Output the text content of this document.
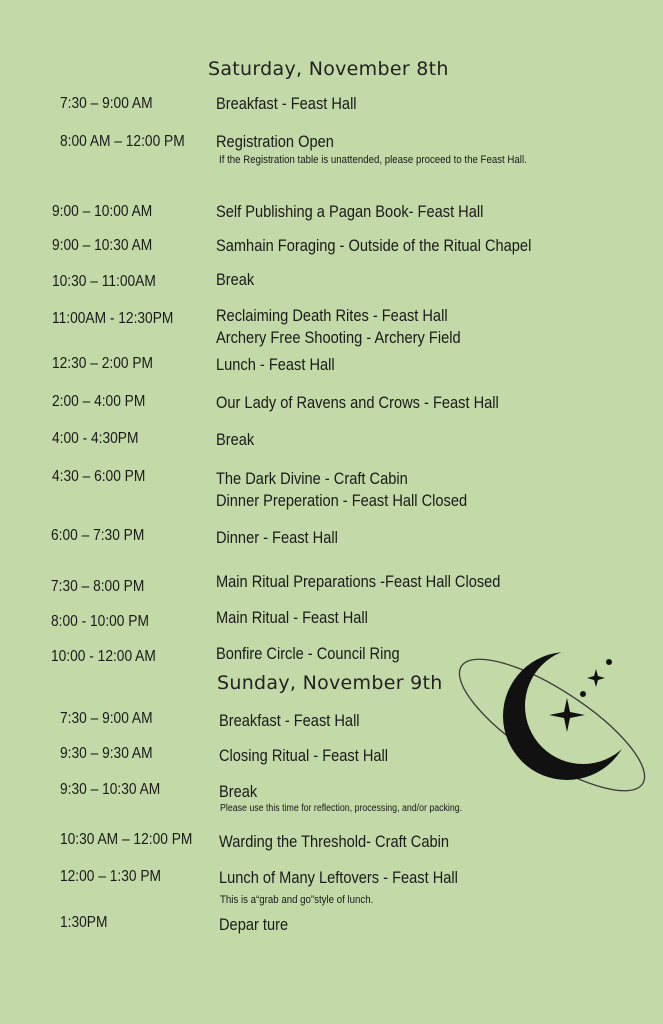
Saturday, November 8th
7:30 – 9:00 AM	Breakfast - Feast Hall
8:00 AM – 12:00 PM Registration Open
If the Registration table is unattended, please proceed to the Feast Hall.
9:00 – 10:00 AM	Self Publishing a Pagan Book- Feast Hall
9:00 – 10:30 AM	Samhain Foraging - Outside of the Ritual Chapel
10:30 – 11:00AM	Break
11:00AM - 12:30PM	Reclaiming Death Rites - Feast Hall
Archery Free Shooting - Archery Field
12:30 – 2:00 PM	Lunch - Feast Hall
2:00 – 4:00 PM	Our Lady of Ravens and Crows - Feast Hall
4:00 - 4:30PM	Break
4:30 – 6:00 PM	The Dark Divine - Craft Cabin
Dinner Preperation - Feast Hall Closed
6:00 – 7:30 PM	Dinner - Feast Hall
7:30 – 8:00 PM	Main Ritual Preparations -Feast Hall Closed
8:00 - 10:00 PM	Main Ritual - Feast Hall
10:00 - 12:00 AM	Bonfire Circle - Council Ring
Sunday, November 9th
7:30 – 9:00 AM	Breakfast - Feast Hall
9:30 – 9:30 AM	Closing Ritual - Feast Hall
9:30 – 10:30 AM	Break
Please use this time for reflection, processing, and/or packing.
10:30 AM – 12:00 PM Warding the Threshold- Craft Cabin
12:00 – 1:30 PM	Lunch of Many Leftovers - Feast Hall
This is a“grab and go”style of lunch.
1:30PM	Depar ture
